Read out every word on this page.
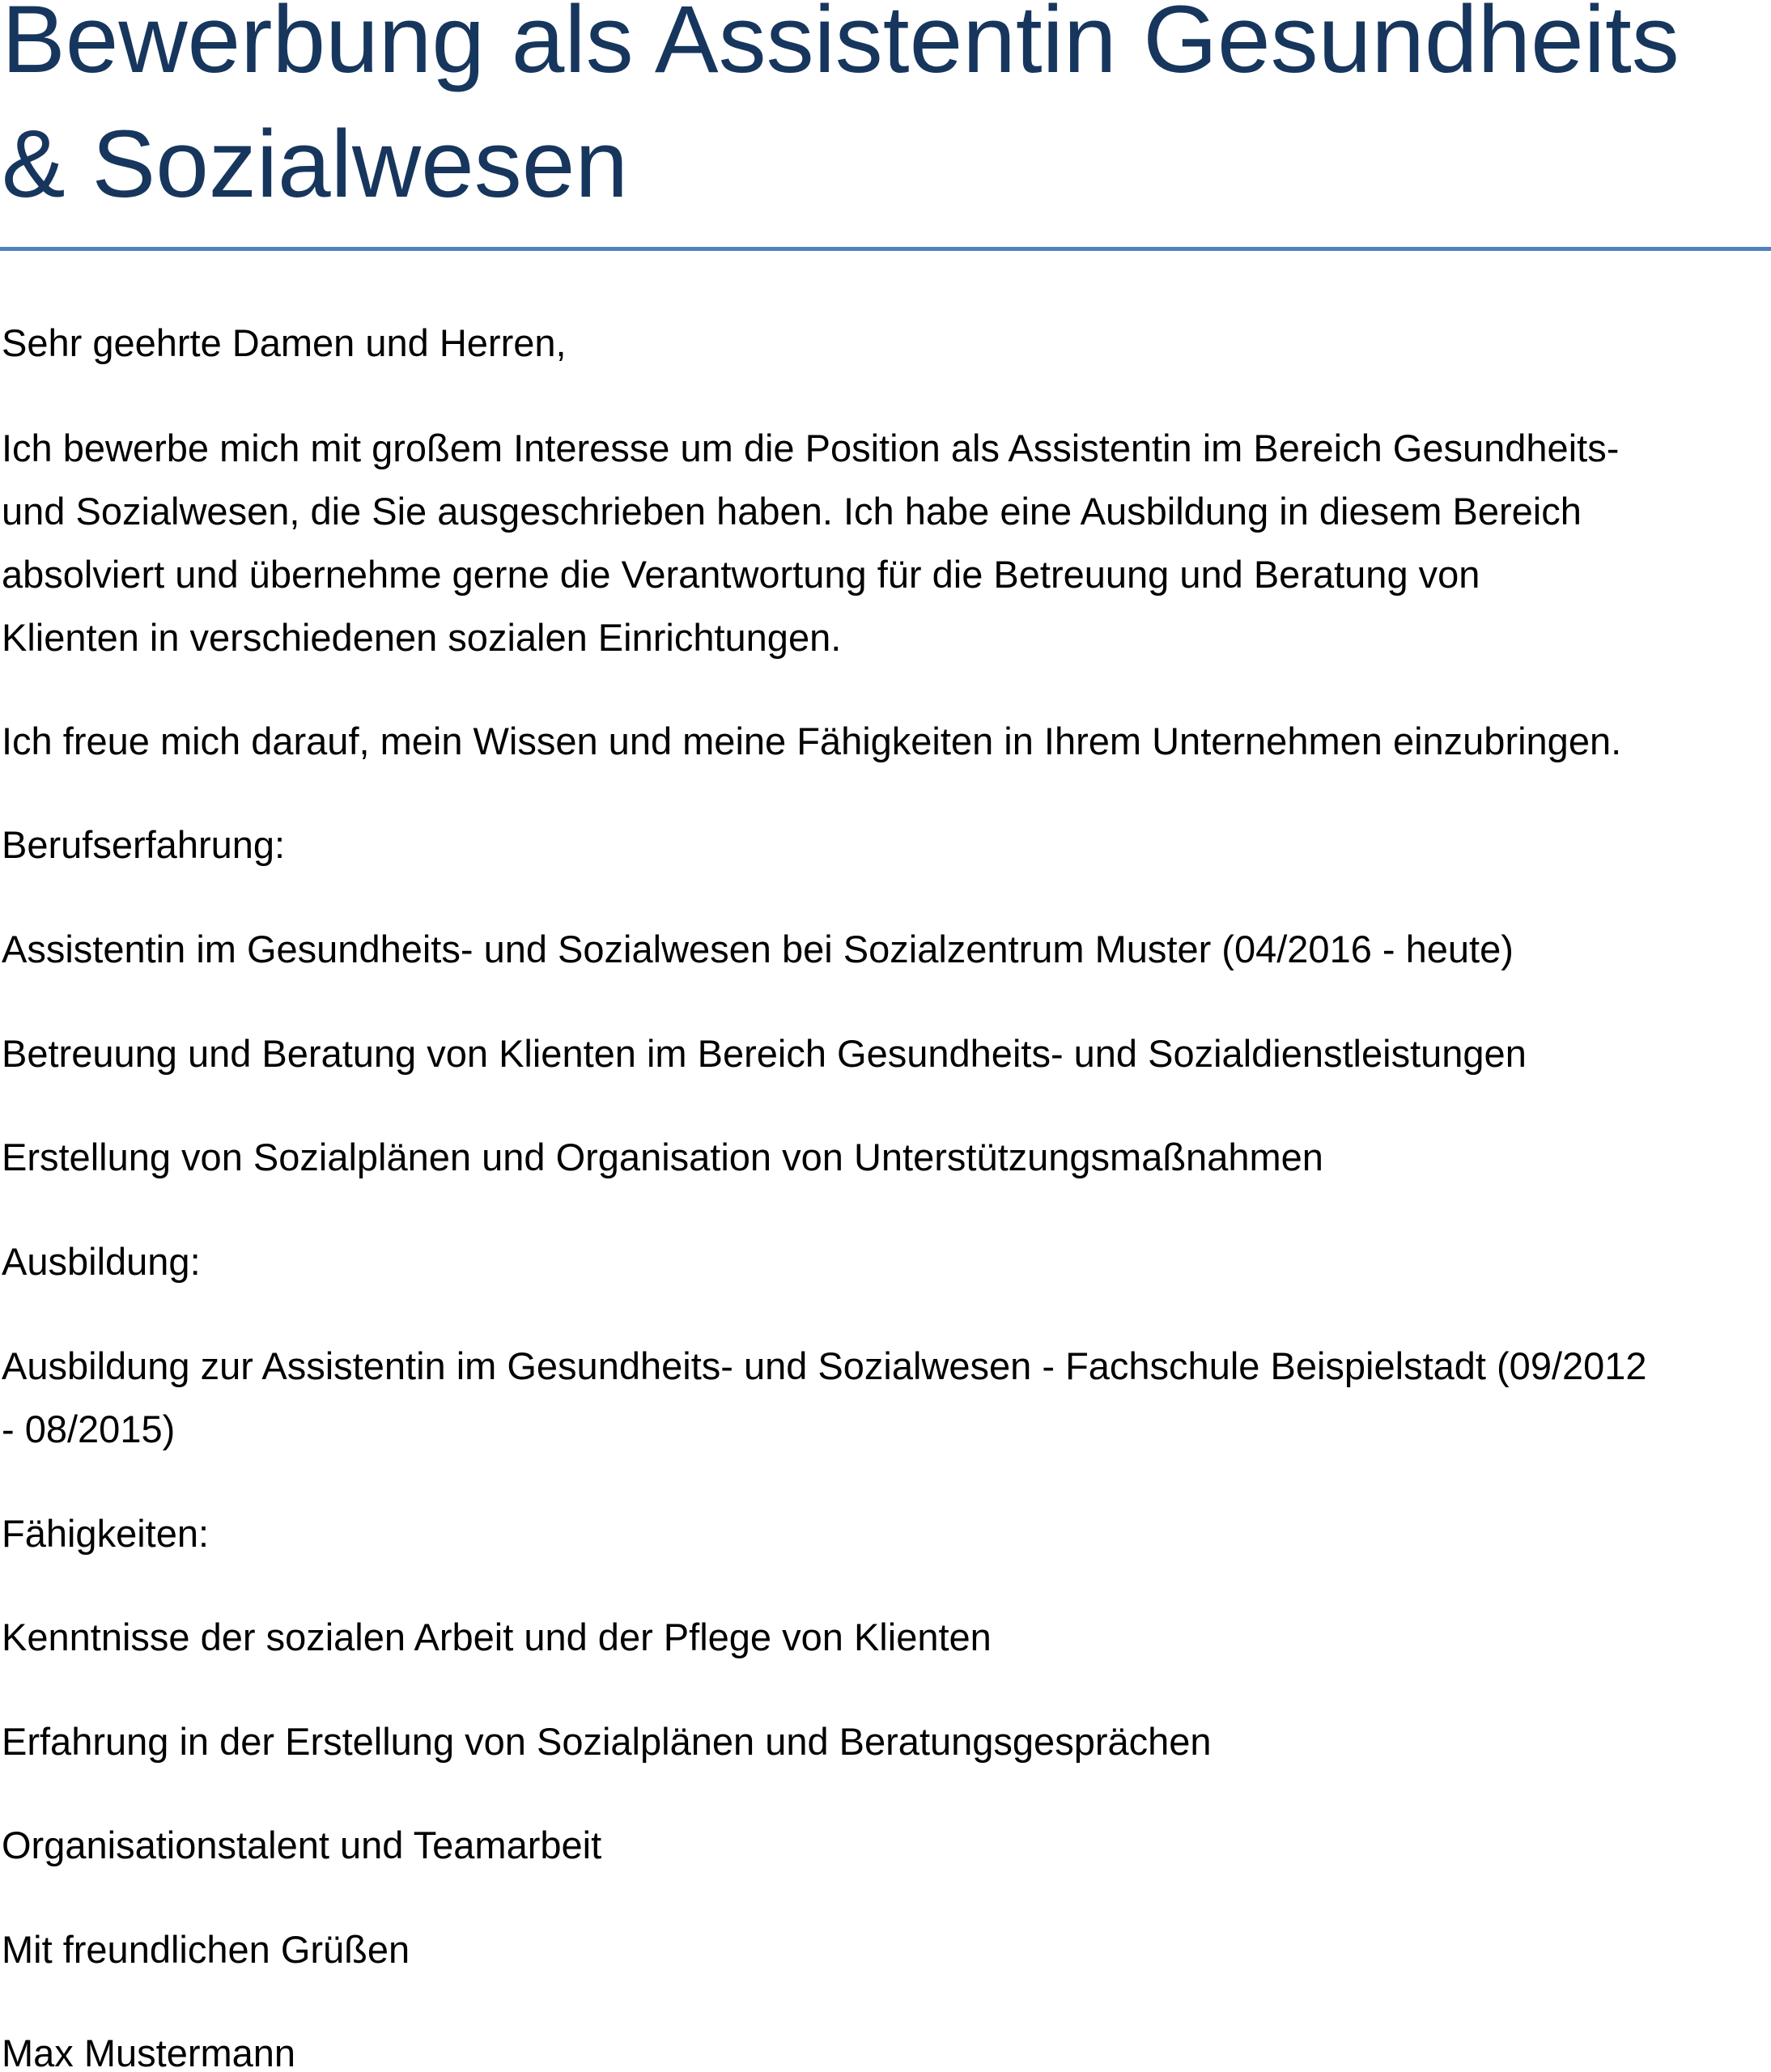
Bewerbung als Assistentin Gesundheits & Sozialwesen

Sehr geehrte Damen und Herren,

Ich bewerbe mich mit großem Interesse um die Position als Assistentin im Bereich Gesundheits-

und Sozialwesen, die Sie ausgeschrieben haben. Ich habe eine Ausbildung in diesem Bereich

absolviert und übernehme gerne die Verantwortung für die Betreuung und Beratung von

Klienten in verschiedenen sozialen Einrichtungen.

Ich freue mich darauf, mein Wissen und meine Fähigkeiten in Ihrem Unternehmen einzubringen.

Berufserfahrung:

Assistentin im Gesundheits- und Sozialwesen bei Sozialzentrum Muster (04/2016 - heute)

Betreuung und Beratung von Klienten im Bereich Gesundheits- und Sozialdienstleistungen

Erstellung von Sozialplänen und Organisation von Unterstützungsmaßnahmen

Ausbildung:

Ausbildung zur Assistentin im Gesundheits- und Sozialwesen - Fachschule Beispielstadt (09/2012

- 08/2015)

Fähigkeiten:

Kenntnisse der sozialen Arbeit und der Pflege von Klienten

Erfahrung in der Erstellung von Sozialplänen und Beratungsgesprächen

Organisationstalent und Teamarbeit

Mit freundlichen Grüßen

Max Mustermann
